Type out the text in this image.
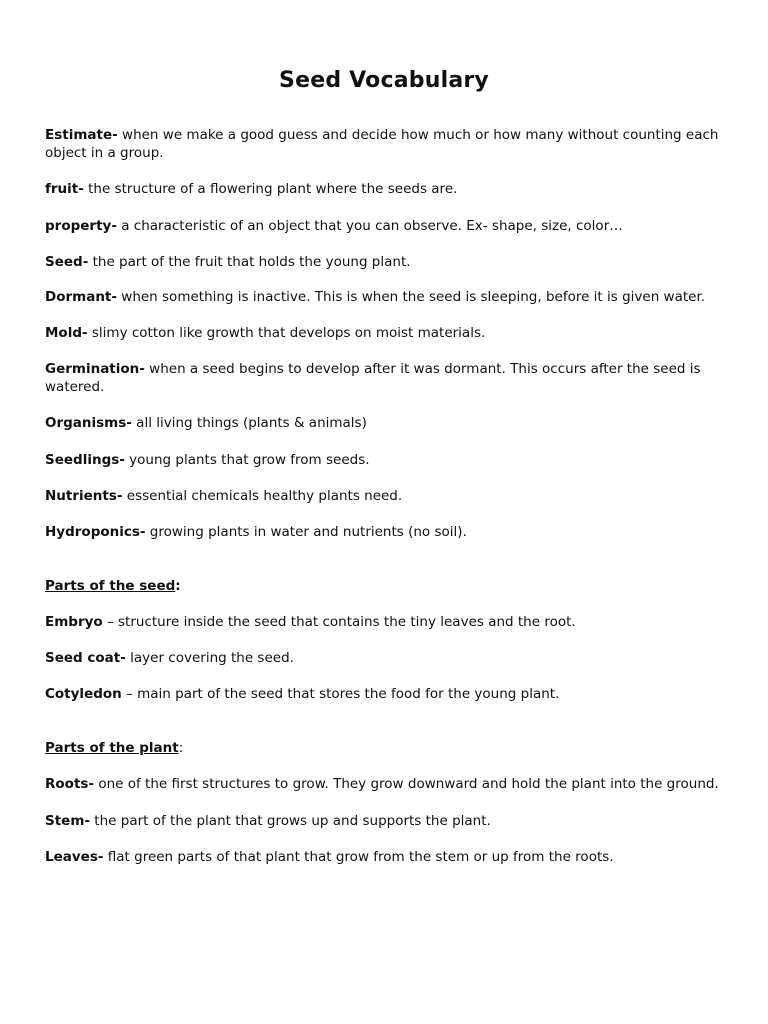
Seed Vocabulary

Estimate- when we make a good guess and decide how much or how many without counting each object in a group.

fruit- the structure of a flowering plant where the seeds are.

property- a characteristic of an object that you can observe. Ex- shape, size, color…

Seed- the part of the fruit that holds the young plant.

Dormant- when something is inactive. This is when the seed is sleeping, before it is given water.

Mold- slimy cotton like growth that develops on moist materials.

Germination- when a seed begins to develop after it was dormant. This occurs after the seed is watered.

Organisms- all living things (plants & animals)

Seedlings- young plants that grow from seeds.

Nutrients- essential chemicals healthy plants need.

Hydroponics- growing plants in water and nutrients (no soil).

Parts of the seed:

Embryo – structure inside the seed that contains the tiny leaves and the root.

Seed coat- layer covering the seed.

Cotyledon – main part of the seed that stores the food for the young plant.

Parts of the plant:

Roots- one of the first structures to grow. They grow downward and hold the plant into the ground.

Stem- the part of the plant that grows up and supports the plant.

Leaves- flat green parts of that plant that grow from the stem or up from the roots.
